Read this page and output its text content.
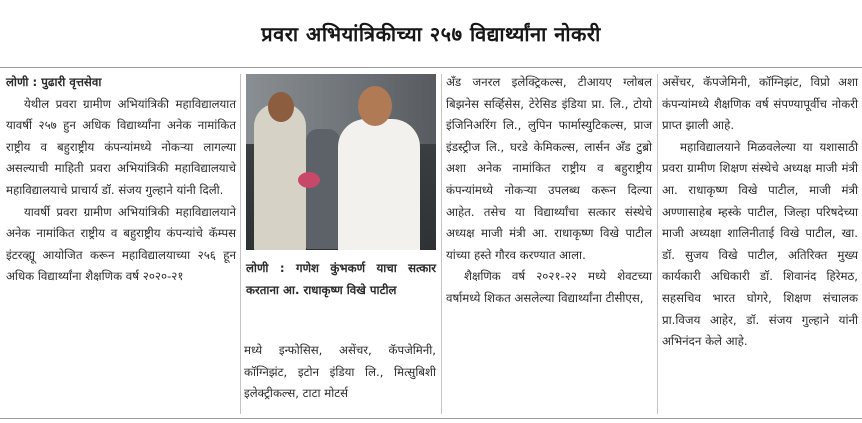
प्रवरा अभियांत्रिकीच्या २५७ विद्यार्थ्यांना नोकरी

लोणी : पुढारी वृत्तसेवा

येथील प्रवरा ग्रामीण अभियांत्रिकी महाविद्यालयात यावर्षी २५७ हुन अधिक विद्यार्थ्यांना अनेक नामांकित राष्ट्रीय व बहुराष्ट्रीय कंपन्यांमध्ये नोकऱ्या लागल्या असल्याची माहिती प्रवरा अभियांत्रिकी महाविद्यालयाचे महाविद्यालयाचे प्राचार्य डॉ. संजय गुल्हाने यांनी दिली.

यावर्षी प्रवरा ग्रामीण अभियांत्रिकी महाविद्यालयाने अनेक नामांकित राष्ट्रीय व बहुराष्ट्रीय कंपन्यांचे कॅम्पस इंटरव्ह्यू आयोजित करून महाविद्यालयाच्या २५६ हून अधिक विद्यार्थ्यांना शैक्षणिक वर्ष २०२०-२१

लोणी : गणेश कुंभकर्ण याचा सत्कार करताना आ. राधाकृष्ण विखे पाटील

मध्ये इन्फोसिस, असेंचर, कॅपजेमिनी, कॉग्निझंट, इटोन इंडिया लि., मित्सुबिशी इलेक्ट्रीकल्स, टाटा मोटर्स

अँड जनरल इलेक्ट्रिकल्स, टीआयए ग्लोबल बिझनेस सर्व्हिसेस, टेरेसिड इंडिया प्रा. लि., टोयो इंजिनिअरिंग लि., लुपिन फार्मास्युटिकल्स, प्राज इंडस्ट्रीज लि., घरडे केमिकल्स, लार्सन अँड टुब्रो अशा अनेक नामांकित राष्ट्रीय व बहुराष्ट्रीय कंपन्यांमध्ये नोकऱ्या उपलब्ध करून दिल्या आहेत. तसेच या विद्यार्थ्यांचा सत्कार संस्थेचे अध्यक्ष माजी मंत्री आ. राधाकृष्ण विखे पाटील यांच्या हस्ते गौरव करण्यात आला.

शैक्षणिक वर्ष २०२१-२२ मध्ये शेवटच्या वर्षामध्ये शिकत असलेल्या विद्यार्थ्यांना टीसीएस,

असेंचर, कॅपजेमिनी, कॉग्निझंट, विप्रो अशा कंपन्यांमध्ये शैक्षणिक वर्ष संपण्यापूर्वीच नोकरी प्राप्त झाली आहे.

महाविद्यालयाने मिळवलेल्या या यशासाठी प्रवरा ग्रामीण शिक्षण संस्थेचे अध्यक्ष माजी मंत्री आ. राधाकृष्ण विखे पाटील, माजी मंत्री अण्णासाहेब म्हस्के पाटील, जिल्हा परिषदेच्या माजी अध्यक्षा शालिनीताई विखे पाटील, खा. डॉ. सुजय विखे पाटील, अतिरिक्त मुख्य कार्यकारी अधिकारी डॉ. शिवानंद हिरेमठ, सहसचिव भारत घोगरे, शिक्षण संचालक प्रा.विजय आहेर, डॉ. संजय गुल्हाने यांनी अभिनंदन केले आहे.
